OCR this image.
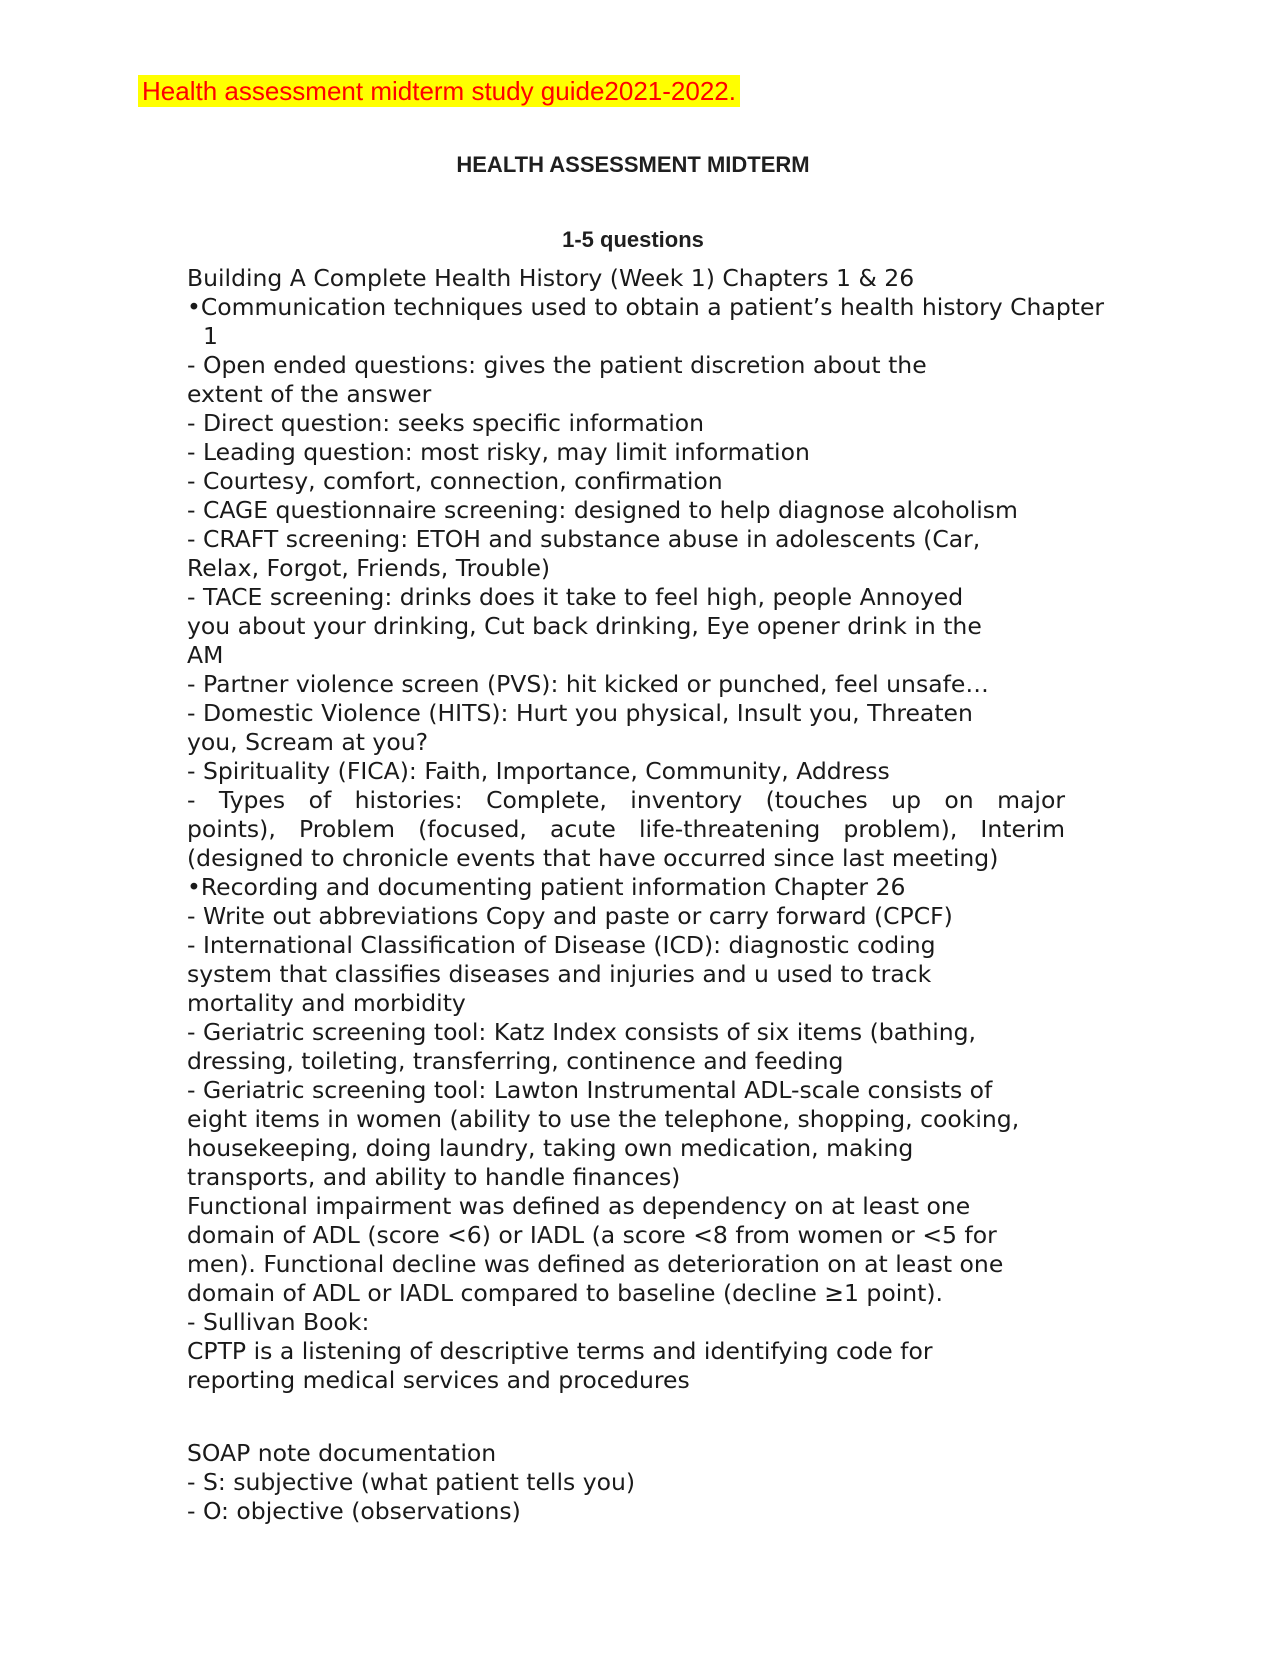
Health assessment midterm study guide2021-2022.
HEALTH ASSESSMENT MIDTERM
1-5 questions
Building A Complete Health History (Week 1) Chapters 1 & 26
•Communication techniques used to obtain a patient’s health history Chapter
1
- Open ended questions: gives the patient discretion about the
extent of the answer
- Direct question: seeks specific information
- Leading question: most risky, may limit information
- Courtesy, comfort, connection, confirmation
- CAGE questionnaire screening: designed to help diagnose alcoholism
- CRAFT screening: ETOH and substance abuse in adolescents (Car,
Relax, Forgot, Friends, Trouble)
- TACE screening: drinks does it take to feel high, people Annoyed
you about your drinking, Cut back drinking, Eye opener drink in the
AM
- Partner violence screen (PVS): hit kicked or punched, feel unsafe…
- Domestic Violence (HITS): Hurt you physical, Insult you, Threaten
you, Scream at you?
- Spirituality (FICA): Faith, Importance, Community, Address
- Types of histories: Complete, inventory (touches up on major
points), Problem (focused, acute life-threatening problem), Interim
(designed to chronicle events that have occurred since last meeting)
•Recording and documenting patient information Chapter 26
- Write out abbreviations Copy and paste or carry forward (CPCF)
- International Classification of Disease (ICD): diagnostic coding
system that classifies diseases and injuries and u used to track
mortality and morbidity
- Geriatric screening tool: Katz Index consists of six items (bathing,
dressing, toileting, transferring, continence and feeding
- Geriatric screening tool: Lawton Instrumental ADL-scale consists of
eight items in women (ability to use the telephone, shopping, cooking,
housekeeping, doing laundry, taking own medication, making
transports, and ability to handle finances)
Functional impairment was defined as dependency on at least one
domain of ADL (score <6) or IADL (a score <8 from women or <5 for
men). Functional decline was defined as deterioration on at least one
domain of ADL or IADL compared to baseline (decline ≥1 point).
- Sullivan Book:
CPTP is a listening of descriptive terms and identifying code for
reporting medical services and procedures
SOAP note documentation
- S: subjective (what patient tells you)
- O: objective (observations)
